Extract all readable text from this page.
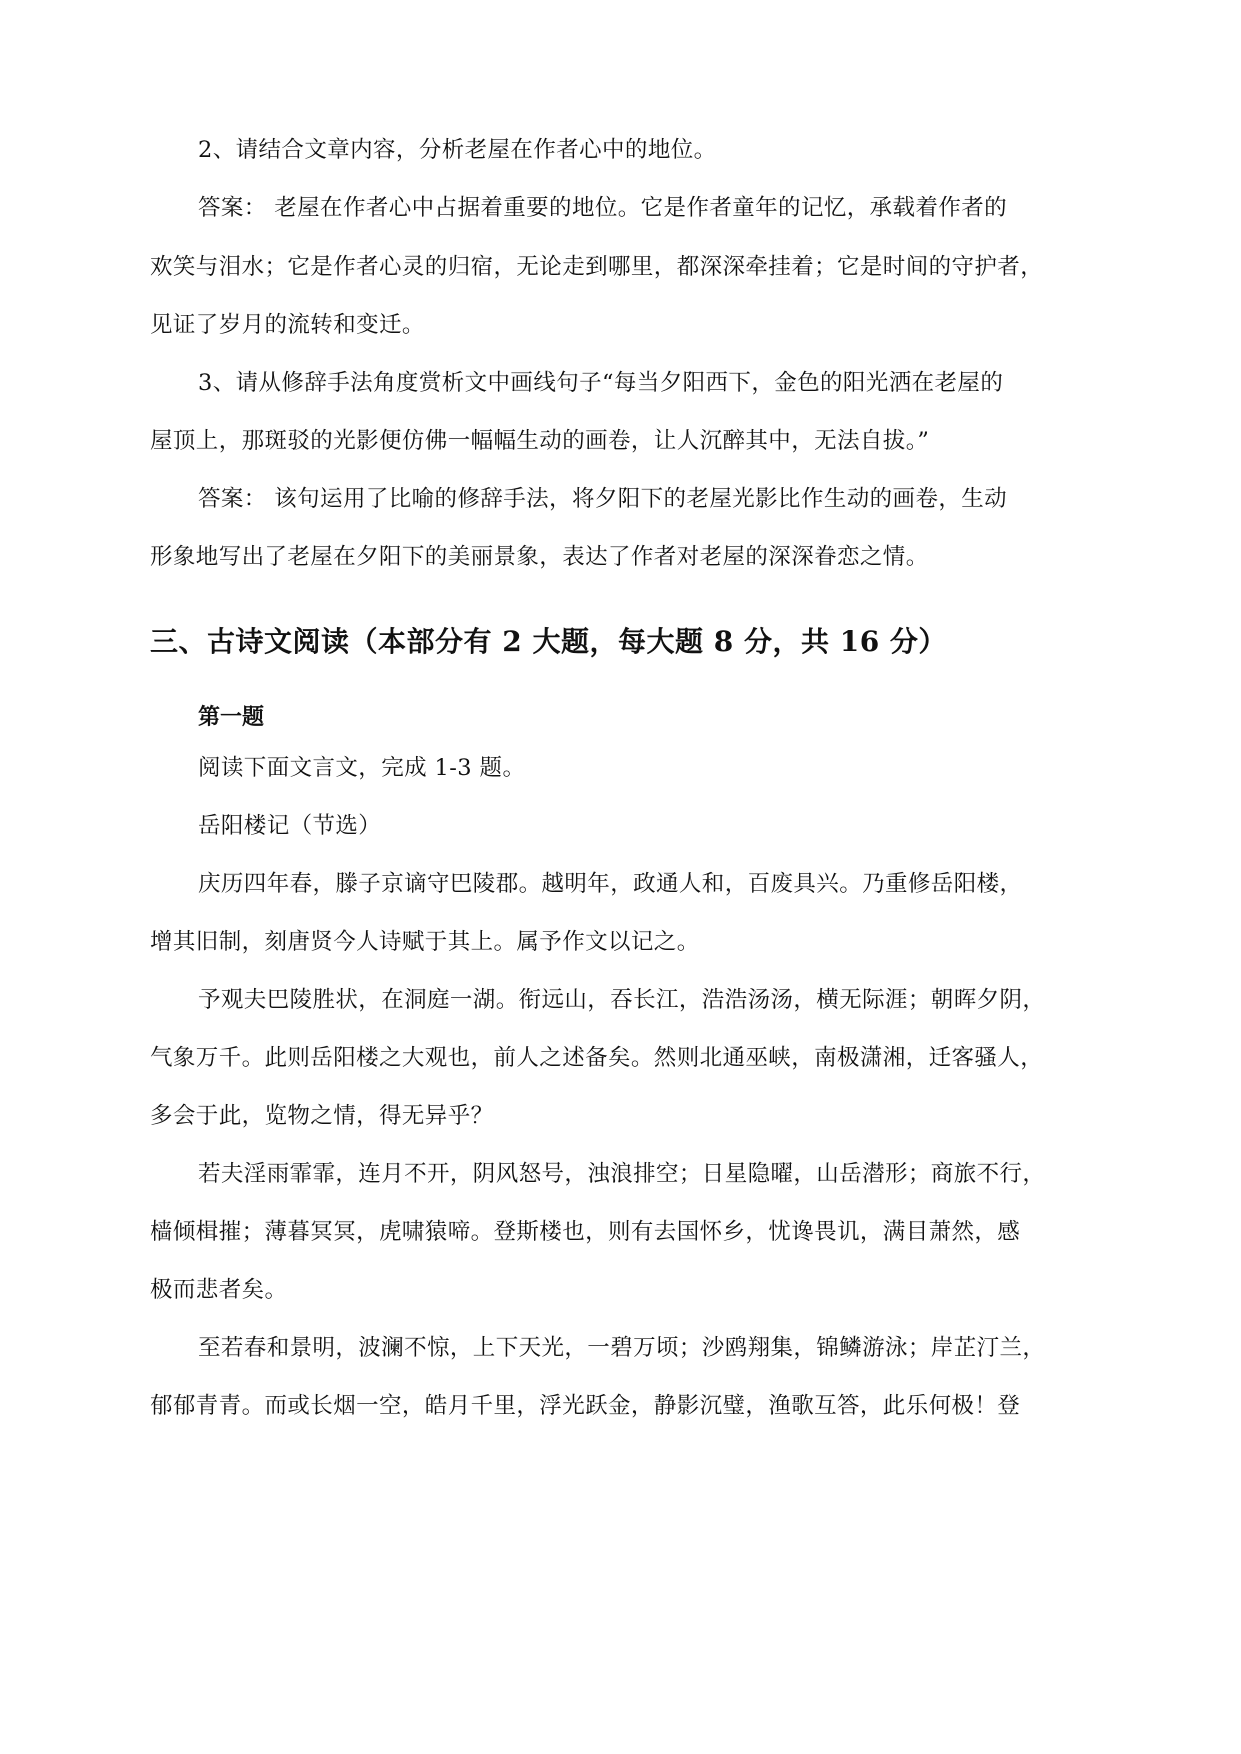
2、请结合文章内容，分析老屋在作者心中的地位。
答案： 老屋在作者心中占据着重要的地位。它是作者童年的记忆，承载着作者的
欢笑与泪水；它是作者心灵的归宿，无论走到哪里，都深深牵挂着；它是时间的守护者，
见证了岁月的流转和变迁。
3、请从修辞手法角度赏析文中画线句子“每当夕阳西下，金色的阳光洒在老屋的
屋顶上，那斑驳的光影便仿佛一幅幅生动的画卷，让人沉醉其中，无法自拔。”
答案： 该句运用了比喻的修辞手法，将夕阳下的老屋光影比作生动的画卷，生动
形象地写出了老屋在夕阳下的美丽景象，表达了作者对老屋的深深眷恋之情。
三、古诗文阅读（本部分有 2 大题，每大题 8 分，共 16 分）
第一题
阅读下面文言文，完成 1-3 题。
岳阳楼记（节选）
庆历四年春，滕子京谪守巴陵郡。越明年，政通人和，百废具兴。乃重修岳阳楼，
增其旧制，刻唐贤今人诗赋于其上。属予作文以记之。
予观夫巴陵胜状，在洞庭一湖。衔远山，吞长江，浩浩汤汤，横无际涯；朝晖夕阴，
气象万千。此则岳阳楼之大观也，前人之述备矣。然则北通巫峡，南极潇湘，迁客骚人，
多会于此，览物之情，得无异乎？
若夫淫雨霏霏，连月不开，阴风怒号，浊浪排空；日星隐曜，山岳潜形；商旅不行，
樯倾楫摧；薄暮冥冥，虎啸猿啼。登斯楼也，则有去国怀乡，忧谗畏讥，满目萧然，感
极而悲者矣。
至若春和景明，波澜不惊，上下天光，一碧万顷；沙鸥翔集，锦鳞游泳；岸芷汀兰，
郁郁青青。而或长烟一空，皓月千里，浮光跃金，静影沉璧，渔歌互答，此乐何极！登
